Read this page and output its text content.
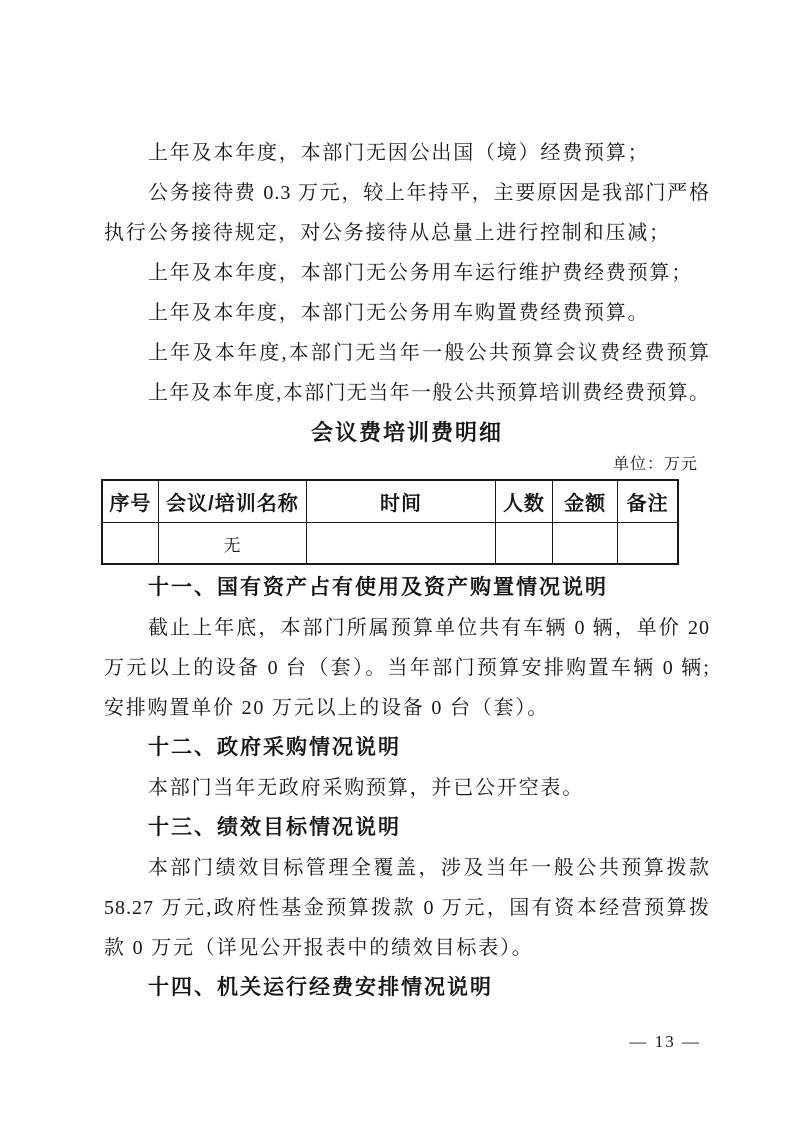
上年及本年度，本部门无因公出国（境）经费预算；
公务接待费 0.3 万元，较上年持平，主要原因是我部门严格
执行公务接待规定，对公务接待从总量上进行控制和压减；
上年及本年度，本部门无公务用车运行维护费经费预算；
上年及本年度，本部门无公务用车购置费经费预算。
上年及本年度,本部门无当年一般公共预算会议费经费预算
上年及本年度,本部门无当年一般公共预算培训费经费预算。
会议费培训费明细
单位：万元
序号	会议/培训名称	时间	人数	金额	备注
	无				
十一、国有资产占有使用及资产购置情况说明
截止上年底，本部门所属预算单位共有车辆 0 辆，单价 20
万元以上的设备 0 台（套）。当年部门预算安排购置车辆 0 辆;
安排购置单价 20 万元以上的设备 0 台（套）。
十二、政府采购情况说明
本部门当年无政府采购预算，并已公开空表。
十三、绩效目标情况说明
本部门绩效目标管理全覆盖，涉及当年一般公共预算拨款
58.27 万元,政府性基金预算拨款 0 万元，国有资本经营预算拨
款 0 万元（详见公开报表中的绩效目标表）。
十四、机关运行经费安排情况说明
— 13 —
